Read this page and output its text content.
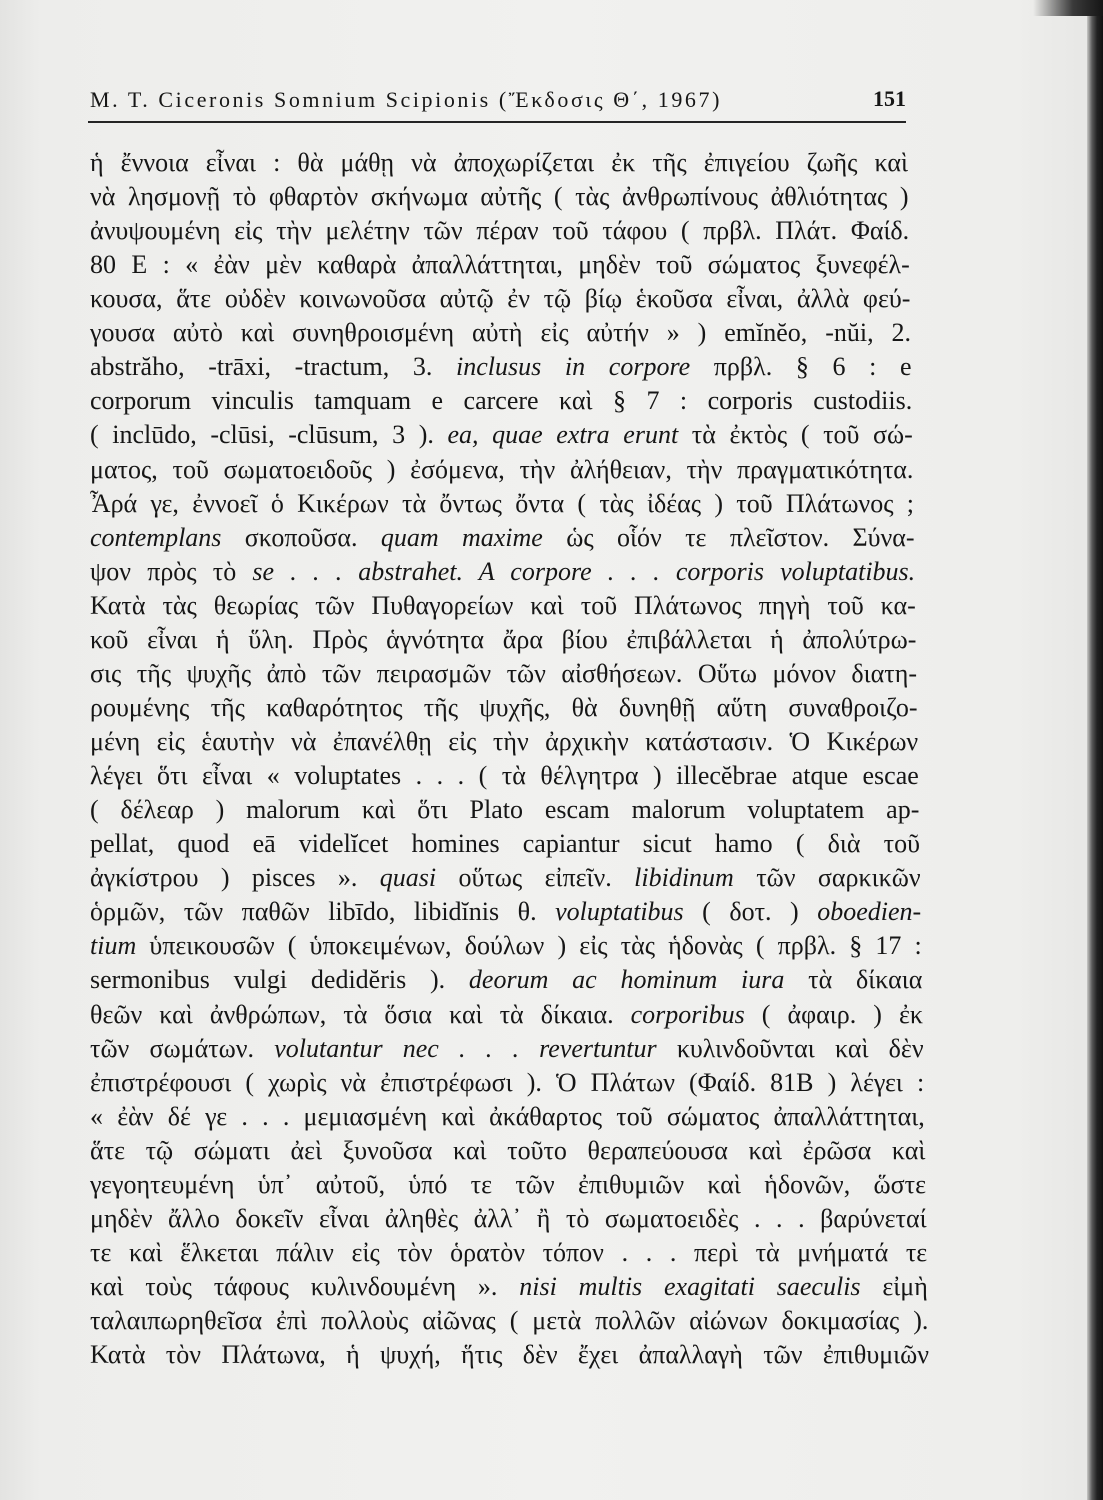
M. T. Ciceronis Somnium Scipionis (Ἔκδοσις Θ΄, 1967)	151
ἡ ἔννοια εἶναι : θὰ μάθῃ νὰ ἀποχωρίζεται ἐκ τῆς ἐπιγείου ζωῆς καὶ
νὰ λησμονῇ τὸ φθαρτὸν σκήνωμα αὐτῆς ( τὰς ἀνθρωπίνους ἀθλιότητας )
ἀνυψουμένη εἰς τὴν μελέτην τῶν πέραν τοῦ τάφου ( πρβλ. Πλάτ. Φαίδ.
80 E : « ἐὰν μὲν καθαρὰ ἀπαλλάττηται, μηδὲν τοῦ σώματος ξυνεφέλ-
κουσα, ἅτε οὐδὲν κοινωνοῦσα αὐτῷ ἐν τῷ βίῳ ἑκοῦσα εἶναι, ἀλλὰ φεύ-
γουσα αὐτὸ καὶ συνηθροισμένη αὐτὴ εἰς αὐτήν » ) emĭnĕo, -nŭi, 2.
abstrăho, -trāxi, -tractum, 3. inclusus in corpore πρβλ. § 6 : e
corporum vinculis tamquam e carcere καὶ § 7 : corporis custodiis.
( inclūdo, -clūsi, -clūsum, 3 ). ea, quae extra erunt τὰ ἐκτὸς ( τοῦ σώ-
ματος, τοῦ σωματοειδοῦς ) ἐσόμενα, τὴν ἀλήθειαν, τὴν πραγματικότητα.
Ἆρά γε, ἐννοεῖ ὁ Κικέρων τὰ ὄντως ὄντα ( τὰς ἰδέας ) τοῦ Πλάτωνος ;
contemplans σκοποῦσα. quam maxime ὡς οἷόν τε πλεῖστον. Σύνα-
ψον πρὸς τὸ se . . . abstrahet. A corpore . . . corporis voluptatibus.
Κατὰ τὰς θεωρίας τῶν Πυθαγορείων καὶ τοῦ Πλάτωνος πηγὴ τοῦ κα-
κοῦ εἶναι ἡ ὕλη. Πρὸς ἁγνότητα ἄρα βίου ἐπιβάλλεται ἡ ἀπολύτρω-
σις τῆς ψυχῆς ἀπὸ τῶν πειρασμῶν τῶν αἰσθήσεων. Οὕτω μόνον διατη-
ρουμένης τῆς καθαρότητος τῆς ψυχῆς, θὰ δυνηθῇ αὕτη συναθροιζο-
μένη εἰς ἑαυτὴν νὰ ἐπανέλθῃ εἰς τὴν ἀρχικὴν κατάστασιν. Ὁ Κικέρων
λέγει ὅτι εἶναι « voluptates . . . ( τὰ θέλγητρα ) illecĕbrae atque escae
( δέλεαρ ) malorum καὶ ὅτι Plato escam malorum voluptatem ap-
pellat, quod eā videlĭcet homines capiantur sicut hamo ( διὰ τοῦ
ἀγκίστρου ) pisces ». quasi οὕτως εἰπεῖν. libidinum τῶν σαρκικῶν
ὁρμῶν, τῶν παθῶν libīdo, libidĭnis θ. voluptatibus ( δοτ. ) oboedien-
tium ὑπεικουσῶν ( ὑποκειμένων, δούλων ) εἰς τὰς ἡδονὰς ( πρβλ. § 17 :
sermonibus vulgi dedidĕris ). deorum ac hominum iura τὰ δίκαια
θεῶν καὶ ἀνθρώπων, τὰ ὅσια καὶ τὰ δίκαια. corporibus ( ἀφαιρ. ) ἐκ
τῶν σωμάτων. volutantur nec . . . revertuntur κυλινδοῦνται καὶ δὲν
ἐπιστρέφουσι ( χωρὶς νὰ ἐπιστρέφωσι ). Ὁ Πλάτων (Φαίδ. 81B ) λέγει :
« ἐὰν δέ γε . . . μεμιασμένη καὶ ἀκάθαρτος τοῦ σώματος ἀπαλλάττηται,
ἅτε τῷ σώματι ἀεὶ ξυνοῦσα καὶ τοῦτο θεραπεύουσα καὶ ἐρῶσα καὶ
γεγοητευμένη ὑπ᾿ αὐτοῦ, ὑπό τε τῶν ἐπιθυμιῶν καὶ ἡδονῶν, ὥστε
μηδὲν ἄλλο δοκεῖν εἶναι ἀληθὲς ἀλλ᾿ ἢ τὸ σωματοειδὲς . . . βαρύνεταί
τε καὶ ἕλκεται πάλιν εἰς τὸν ὁρατὸν τόπον . . . περὶ τὰ μνήματά τε
καὶ τοὺς τάφους κυλινδουμένη ». nisi multis exagitati saeculis εἰμὴ
ταλαιπωρηθεῖσα ἐπὶ πολλοὺς αἰῶνας ( μετὰ πολλῶν αἰώνων δοκιμασίας ).
Κατὰ τὸν Πλάτωνα, ἡ ψυχή, ἥτις δὲν ἔχει ἀπαλλαγὴ τῶν ἐπιθυμιῶν
